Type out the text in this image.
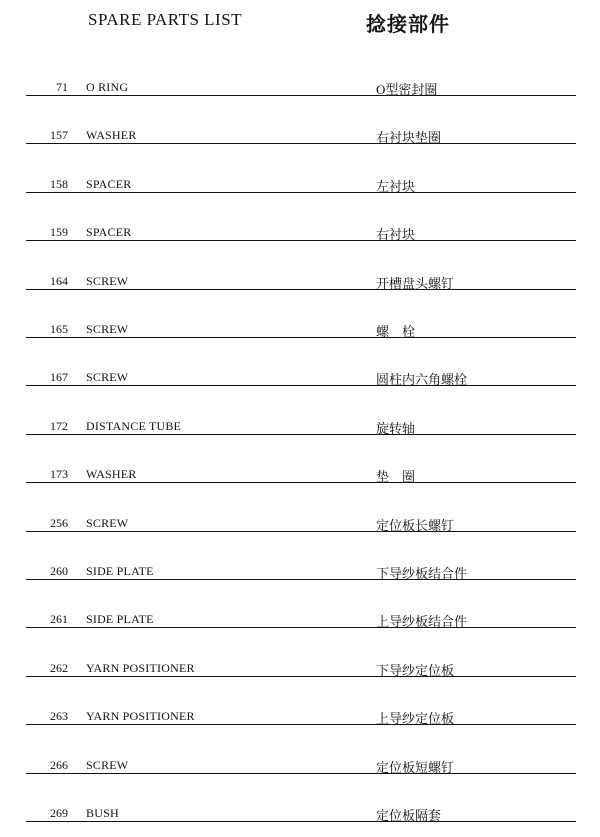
SPARE PARTS LIST	捻接部件
71 O RING	O型密封圈
157 WASHER	右衬块垫圈
158 SPACER	左衬块
159 SPACER	右衬块
164 SCREW	开槽盘头螺钉
165 SCREW	螺　栓
167 SCREW	圆柱内六角螺栓
172 DISTANCE TUBE	旋转轴
173 WASHER	垫　圈
256 SCREW	定位板长螺钉
260 SIDE PLATE	下导纱板结合件
261 SIDE PLATE	上导纱板结合件
262 YARN POSITIONER	下导纱定位板
263 YARN POSITIONER	上导纱定位板
266 SCREW	定位板短螺钉
269 BUSH	定位板隔套
